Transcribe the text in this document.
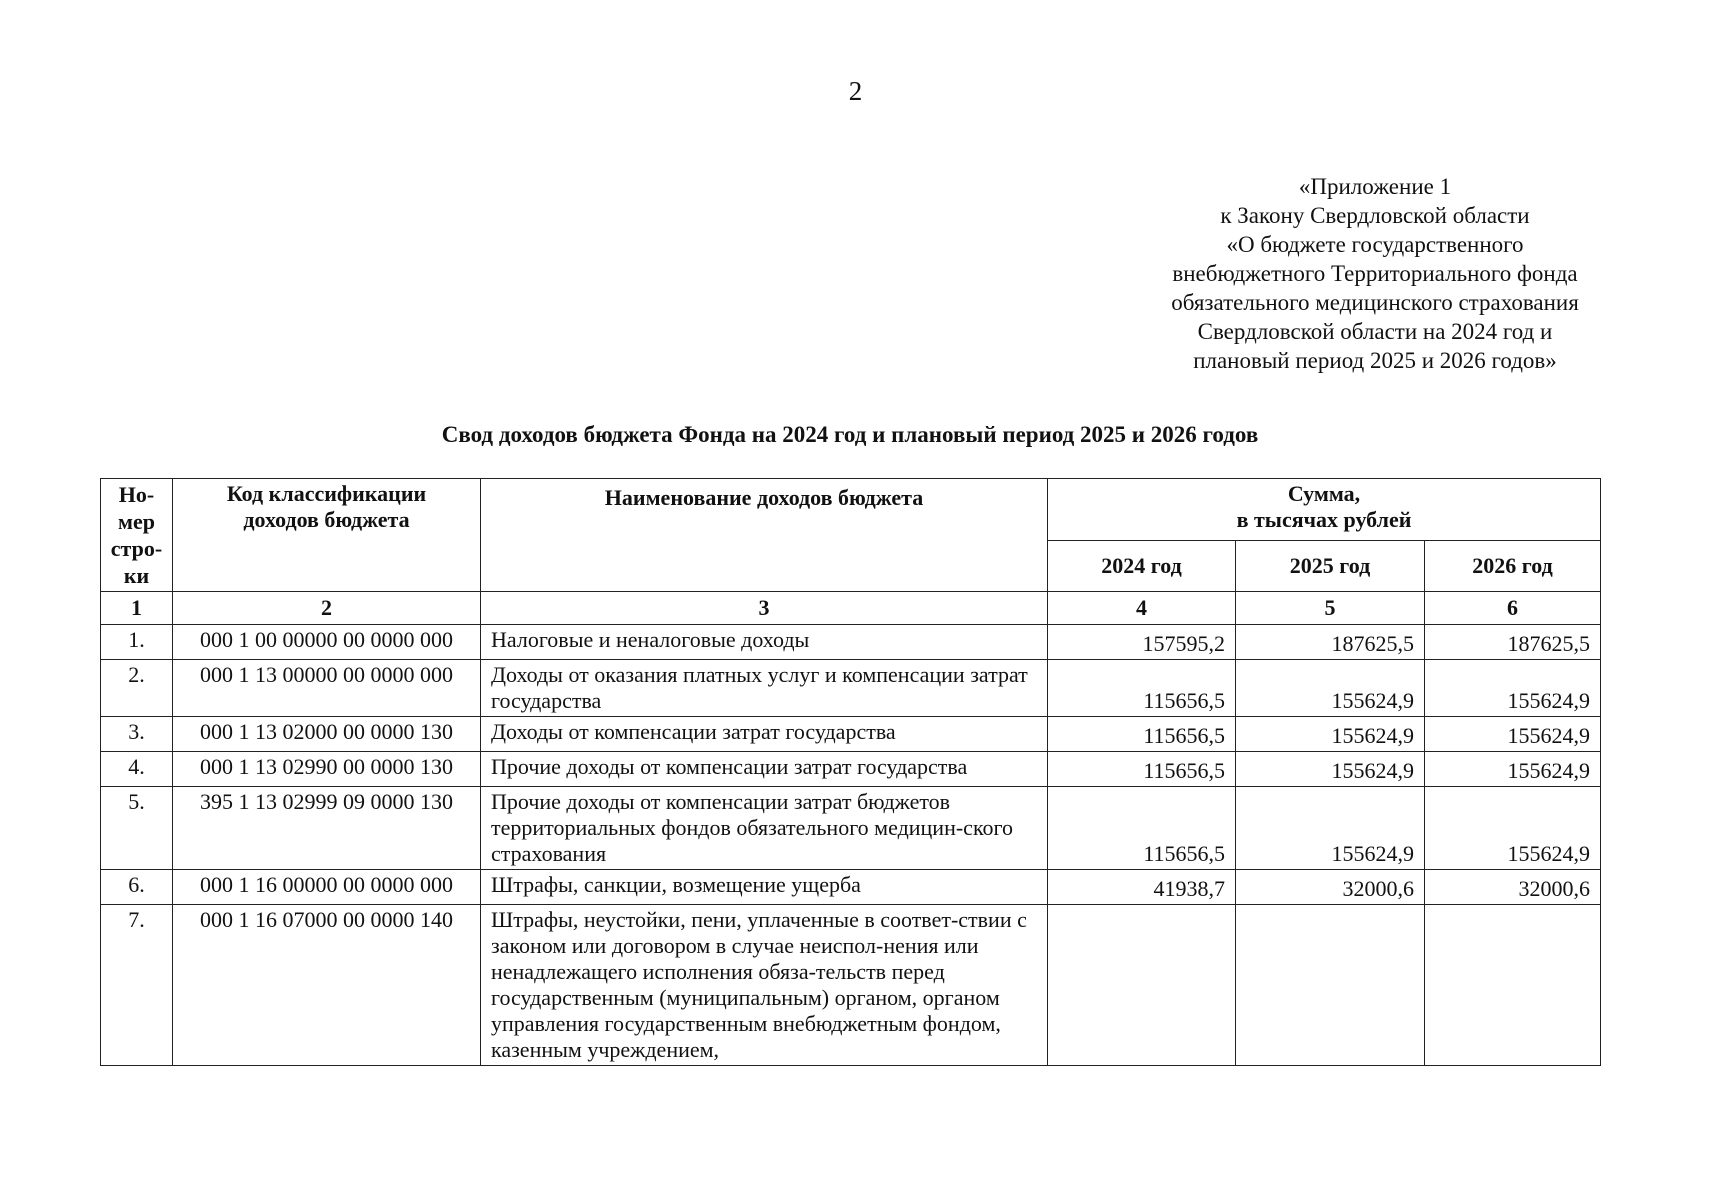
2
«Приложение 1
к Закону Свердловской области
«О бюджете государственного
внебюджетного Территориального фонда
обязательного медицинского страхования
Свердловской области на 2024 год и
плановый период 2025 и 2026 годов»
Свод доходов бюджета Фонда на 2024 год и плановый период 2025 и 2026 годов
Но-мер стро-ки	Код классификации доходов бюджета	Наименование доходов бюджета	Сумма,
в тысячах рублей		

			2024 год	2025 год	2026 год
1	2	3	4	5	6
1.	000 1 00 00000 00 0000 000	Налоговые и неналоговые доходы	157595,2	187625,5	187625,5
2.	000 1 13 00000 00 0000 000	Доходы от оказания платных услуг и компенсации затрат государства	115656,5	155624,9	155624,9
3.	000 1 13 02000 00 0000 130	Доходы от компенсации затрат государства	115656,5	155624,9	155624,9
4.	000 1 13 02990 00 0000 130	Прочие доходы от компенсации затрат государства	115656,5	155624,9	155624,9
5.	395 1 13 02999 09 0000 130	Прочие доходы от компенсации затрат бюджетов территориальных фондов обязательного медицин-ского страхования	115656,5	155624,9	155624,9
6.	000 1 16 00000 00 0000 000	Штрафы, санкции, возмещение ущерба	41938,7	32000,6	32000,6
7.	000 1 16 07000 00 0000 140	Штрафы, неустойки, пени, уплаченные в соответ-ствии с законом или договором в случае неиспол-нения или ненадлежащего исполнения обяза-тельств перед государственным (муниципальным) органом, органом управления государственным внебюджетным фондом, казенным учреждением,			
